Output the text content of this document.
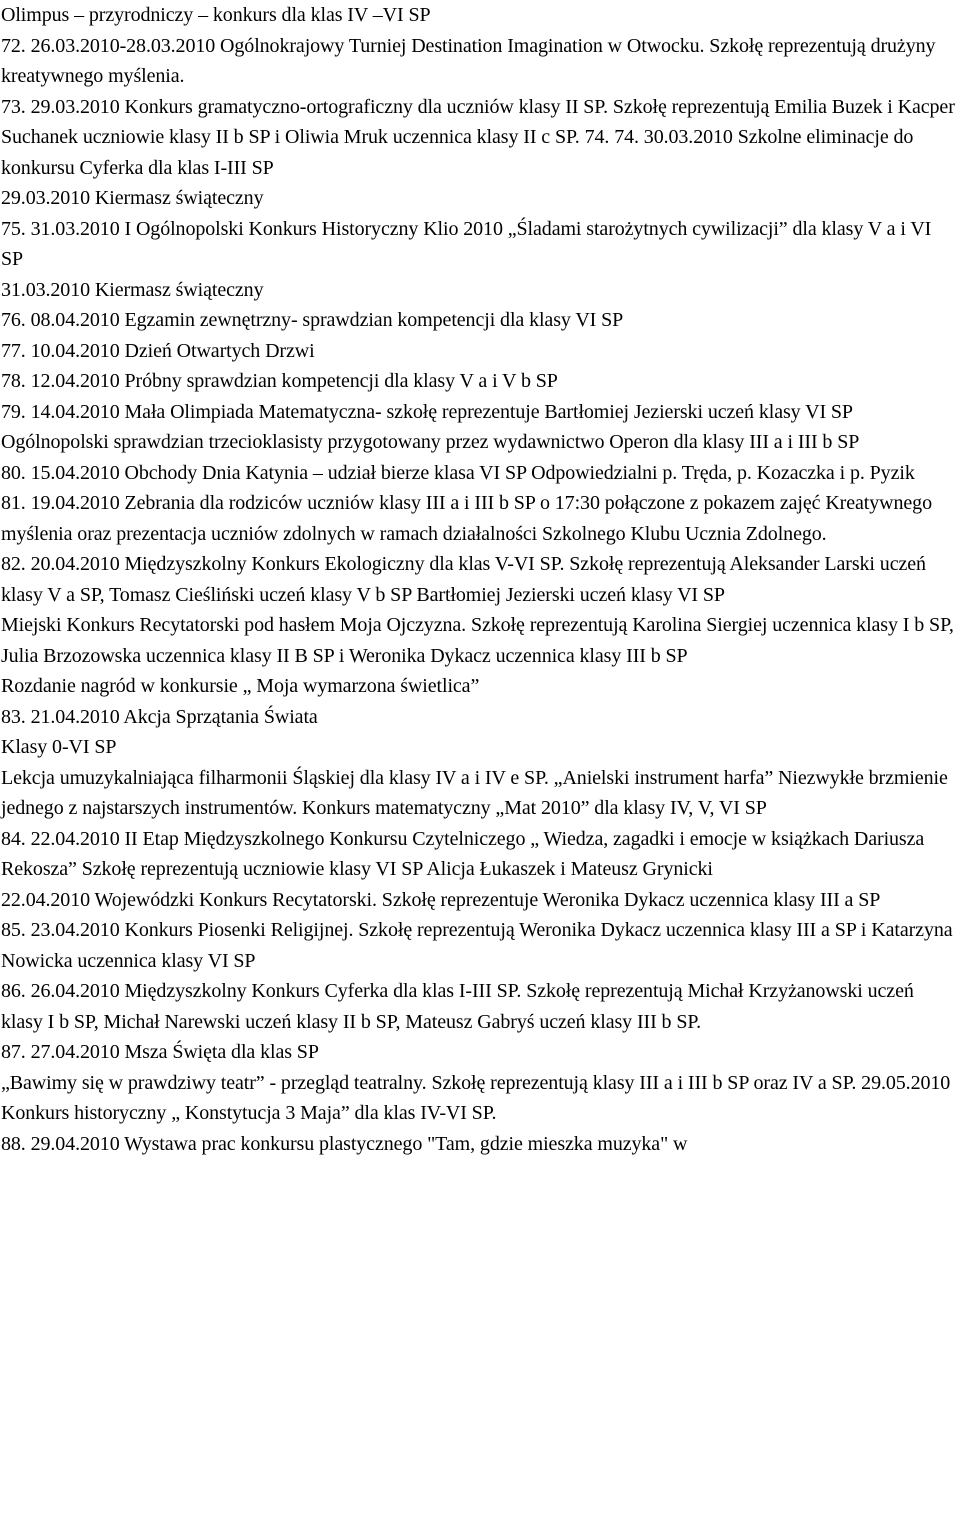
Olimpus – przyrodniczy – konkurs dla klas IV –VI SP

72. 26.03.2010-28.03.2010 Ogólnokrajowy Turniej Destination Imagination w Otwocku. Szkołę reprezentują drużyny kreatywnego myślenia.

73. 29.03.2010 Konkurs gramatyczno-ortograficzny dla uczniów klasy II SP. Szkołę reprezentują Emilia Buzek i Kacper Suchanek uczniowie klasy II b SP i Oliwia Mruk uczennica klasy II c SP. 74. 74. 30.03.2010 Szkolne eliminacje do konkursu Cyferka dla klas I-III SP

29.03.2010 Kiermasz świąteczny

75. 31.03.2010 I Ogólnopolski Konkurs Historyczny Klio 2010 „Śladami starożytnych cywilizacji” dla klasy V a i VI SP

31.03.2010 Kiermasz świąteczny

76. 08.04.2010 Egzamin zewnętrzny- sprawdzian kompetencji dla klasy VI SP

77. 10.04.2010 Dzień Otwartych Drzwi

78. 12.04.2010 Próbny sprawdzian kompetencji dla klasy V a i V b SP

79. 14.04.2010 Mała Olimpiada Matematyczna- szkołę reprezentuje Bartłomiej Jezierski uczeń klasy VI SP

Ogólnopolski sprawdzian trzecioklasisty przygotowany przez wydawnictwo Operon dla klasy III a i III b SP

80. 15.04.2010 Obchody Dnia Katynia – udział bierze klasa VI SP Odpowiedzialni p. Tręda, p. Kozaczka i p. Pyzik

81. 19.04.2010 Zebrania dla rodziców uczniów klasy III a i III b SP o 17:30 połączone z pokazem zajęć Kreatywnego myślenia oraz prezentacja uczniów zdolnych w ramach działalności Szkolnego Klubu Ucznia Zdolnego.

82. 20.04.2010 Międzyszkolny Konkurs Ekologiczny dla klas V-VI SP. Szkołę reprezentują Aleksander Larski uczeń klasy V a SP, Tomasz Cieśliński uczeń klasy V b SP Bartłomiej Jezierski uczeń klasy VI SP

Miejski Konkurs Recytatorski pod hasłem Moja Ojczyzna. Szkołę reprezentują Karolina Siergiej uczennica klasy I b SP, Julia Brzozowska uczennica klasy II B SP i Weronika Dykacz uczennica klasy III b SP

Rozdanie nagród w konkursie „ Moja wymarzona świetlica”

83. 21.04.2010 Akcja Sprzątania Świata

Klasy 0-VI SP

Lekcja umuzykalniająca filharmonii Śląskiej dla klasy IV a i IV e SP. „Anielski instrument harfa” Niezwykłe brzmienie jednego z najstarszych instrumentów. Konkurs matematyczny „Mat 2010” dla klasy IV, V, VI SP

84. 22.04.2010 II Etap Międzyszkolnego Konkursu Czytelniczego „ Wiedza, zagadki i emocje w książkach Dariusza Rekosza” Szkołę reprezentują uczniowie klasy VI SP Alicja Łukaszek i Mateusz Grynicki

22.04.2010 Wojewódzki Konkurs Recytatorski. Szkołę reprezentuje Weronika Dykacz uczennica klasy III a SP

85. 23.04.2010 Konkurs Piosenki Religijnej. Szkołę reprezentują Weronika Dykacz uczennica klasy III a SP i Katarzyna Nowicka uczennica klasy VI SP

86. 26.04.2010 Międzyszkolny Konkurs Cyferka dla klas I-III SP. Szkołę reprezentują Michał Krzyżanowski uczeń klasy I b SP, Michał Narewski uczeń klasy II b SP, Mateusz Gabryś uczeń klasy III b SP.

87. 27.04.2010 Msza Święta dla klas SP

„Bawimy się w prawdziwy teatr” - przegląd teatralny. Szkołę reprezentują klasy III a i III b SP oraz IV a SP. 29.05.2010 Konkurs historyczny „ Konstytucja 3 Maja” dla klas IV-VI SP.

88. 29.04.2010 Wystawa prac konkursu plastycznego "Tam, gdzie mieszka muzyka" w
